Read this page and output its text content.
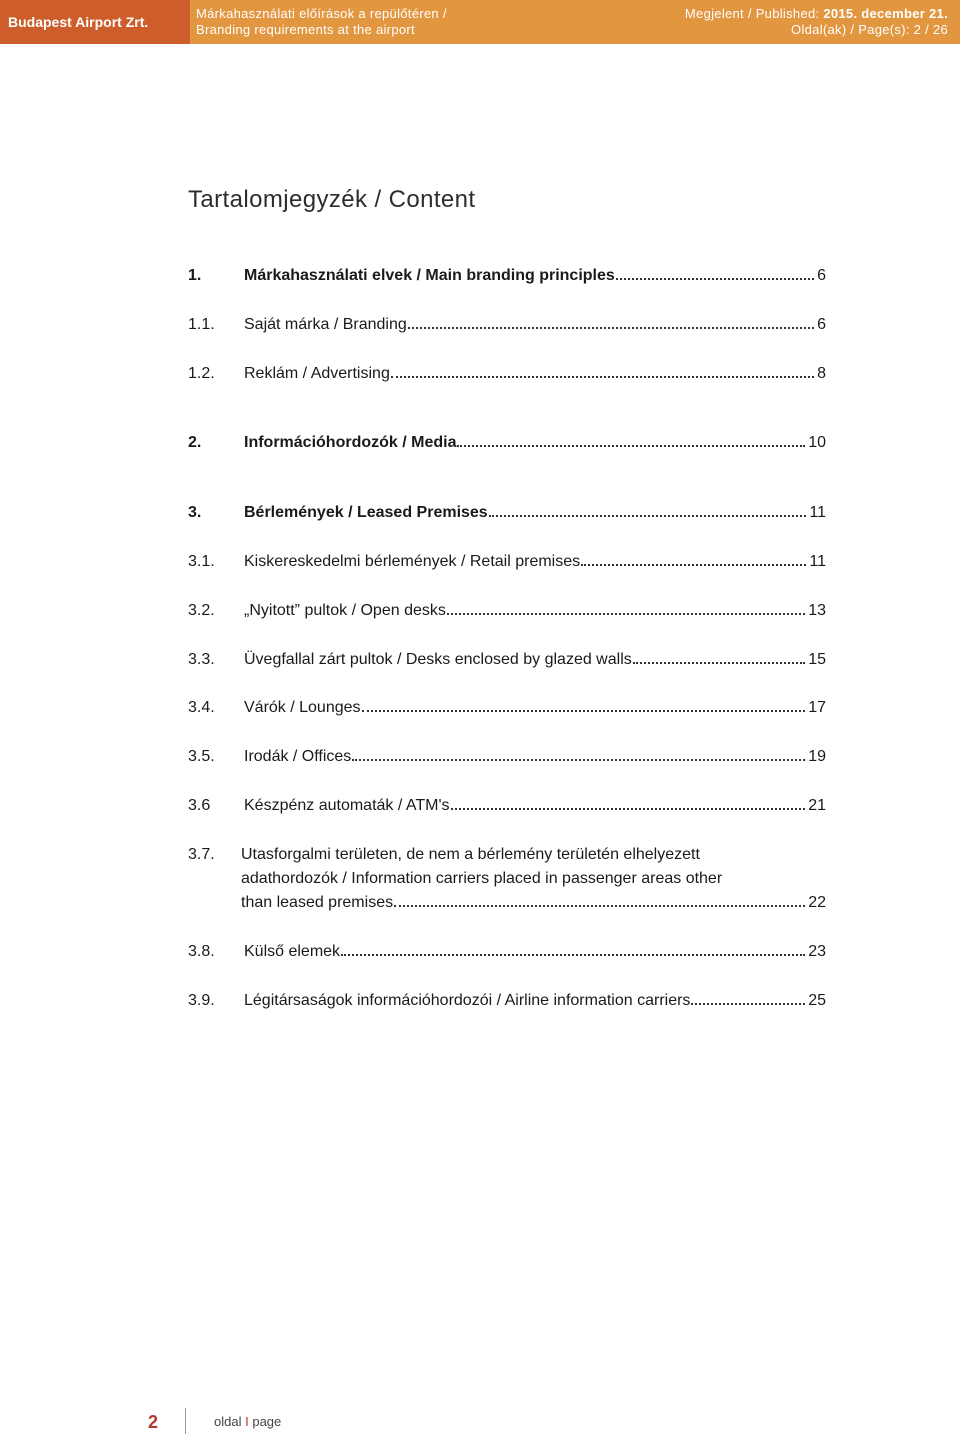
Budapest Airport Zrt.
Márkahasználati előírások a repülőtéren /
Branding requirements at the airport
Megjelent / Published: 2015. december 21.
Oldal(ak) / Page(s): 2 / 26
Tartalomjegyzék / Content
1.	Márkahasználati elvek / Main branding principles	6
1.1.	Saját márka / Branding	6
1.2.	Reklám / Advertising	8
2.	Információhordozók / Media	10
3.	Bérlemények / Leased Premises	11
3.1.	Kiskereskedelmi bérlemények / Retail premises	11
3.2.	„Nyitott” pultok / Open desks	13
3.3.	Üvegfallal zárt pultok / Desks enclosed by glazed walls	15
3.4.	Várók / Lounges	17
3.5.	Irodák / Offices	19
3.6	Készpénz automaták / ATM's	21
3.7.	Utasforgalmi területen, de nem a bérlemény területén elhelyezett
adathordozók / Information carriers placed in passenger areas other
than leased premises	22
3.8.	Külső elemek	23
3.9.	Légitársaságok információhordozói / Airline information carriers	25
2	oldal I page
